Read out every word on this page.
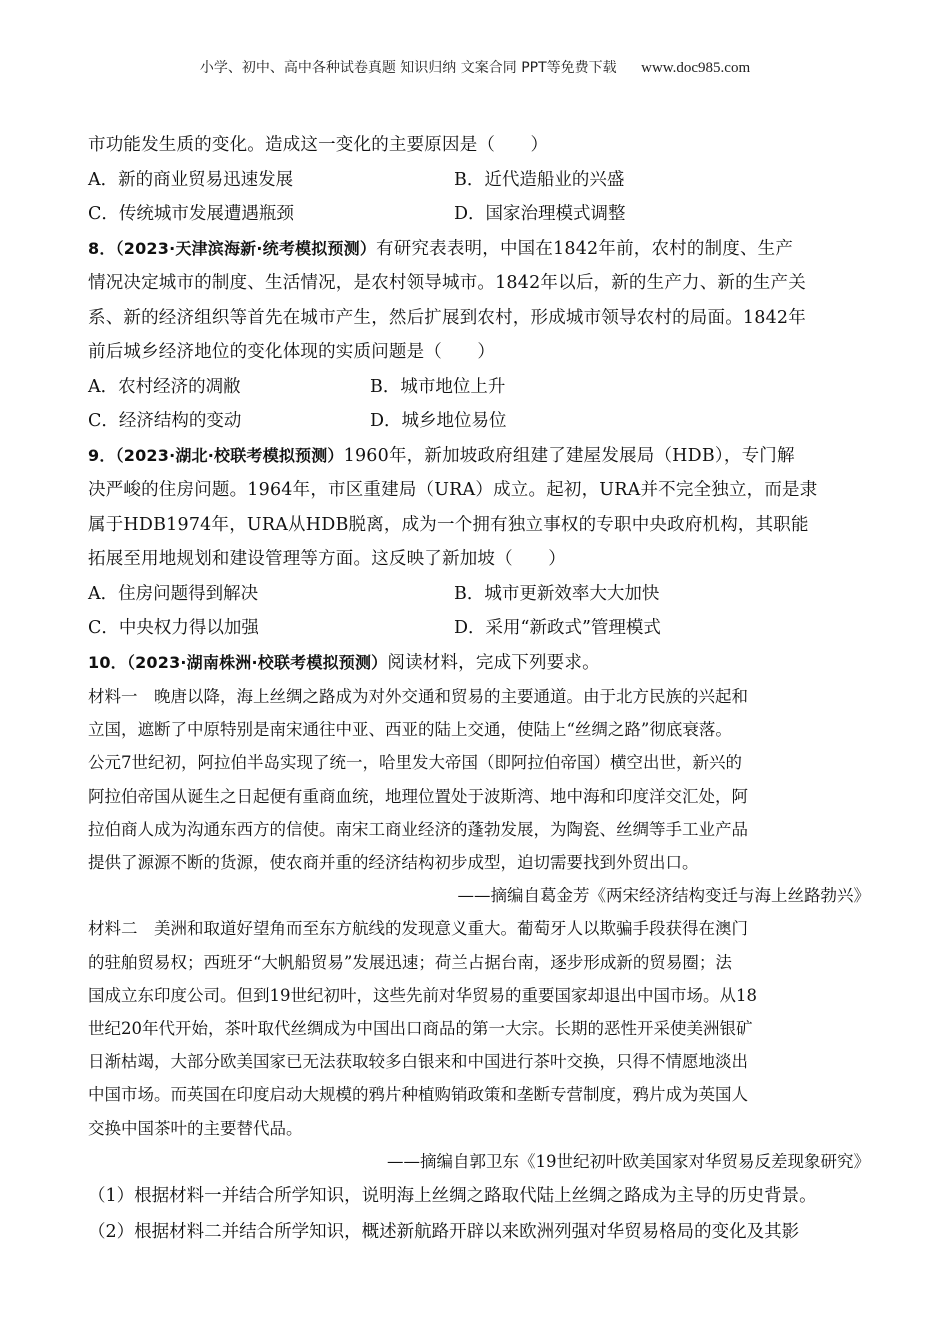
小学、初中、高中各种试卷真题 知识归纳 文案合同 PPT等免费下载 www.doc985.com
市功能发生质的变化。造成这一变化的主要原因是（　　）
A．新的商业贸易迅速发展	B．近代造船业的兴盛
C．传统城市发展遭遇瓶颈	D．国家治理模式调整
8．（2023·天津滨海新·统考模拟预测）有研究表表明，中国在1842年前，农村的制度、生产
情况决定城市的制度、生活情况，是农村领导城市。1842年以后，新的生产力、新的生产关
系、新的经济组织等首先在城市产生，然后扩展到农村，形成城市领导农村的局面。1842年
前后城乡经济地位的变化体现的实质问题是（　　）
A．农村经济的凋敝	B．城市地位上升
C．经济结构的变动	D．城乡地位易位
9．（2023·湖北·校联考模拟预测）1960年，新加坡政府组建了建屋发展局（HDB），专门解
决严峻的住房问题。1964年，市区重建局（URA）成立。起初，URA并不完全独立，而是隶
属于HDB1974年，URA从HDB脱离，成为一个拥有独立事权的专职中央政府机构，其职能
拓展至用地规划和建设管理等方面。这反映了新加坡（　　）
A．住房问题得到解决	B．城市更新效率大大加快
C．中央权力得以加强	D．采用“新政式”管理模式
10．（2023·湖南株洲·校联考模拟预测）阅读材料，完成下列要求。
材料一　晚唐以降，海上丝绸之路成为对外交通和贸易的主要通道。由于北方民族的兴起和
立国，遮断了中原特别是南宋通往中亚、西亚的陆上交通，使陆上“丝绸之路”彻底衰落。
公元7世纪初，阿拉伯半岛实现了统一，哈里发大帝国（即阿拉伯帝国）横空出世，新兴的
阿拉伯帝国从诞生之日起便有重商血统，地理位置处于波斯湾、地中海和印度洋交汇处，阿
拉伯商人成为沟通东西方的信使。南宋工商业经济的蓬勃发展，为陶瓷、丝绸等手工业产品
提供了源源不断的货源，使农商并重的经济结构初步成型，迫切需要找到外贸出口。
——摘编自葛金芳《两宋经济结构变迁与海上丝路勃兴》
材料二　美洲和取道好望角而至东方航线的发现意义重大。葡萄牙人以欺骗手段获得在澳门
的驻舶贸易权；西班牙“大帆船贸易”发展迅速；荷兰占据台南，逐步形成新的贸易圈；法
国成立东印度公司。但到19世纪初叶，这些先前对华贸易的重要国家却退出中国市场。从18
世纪20年代开始，茶叶取代丝绸成为中国出口商品的第一大宗。长期的恶性开采使美洲银矿
日渐枯竭，大部分欧美国家已无法获取较多白银来和中国进行茶叶交换，只得不情愿地淡出
中国市场。而英国在印度启动大规模的鸦片种植购销政策和垄断专营制度，鸦片成为英国人
交换中国茶叶的主要替代品。
——摘编自郭卫东《19世纪初叶欧美国家对华贸易反差现象研究》
（1）根据材料一并结合所学知识，说明海上丝绸之路取代陆上丝绸之路成为主导的历史背景。
（2）根据材料二并结合所学知识，概述新航路开辟以来欧洲列强对华贸易格局的变化及其影
